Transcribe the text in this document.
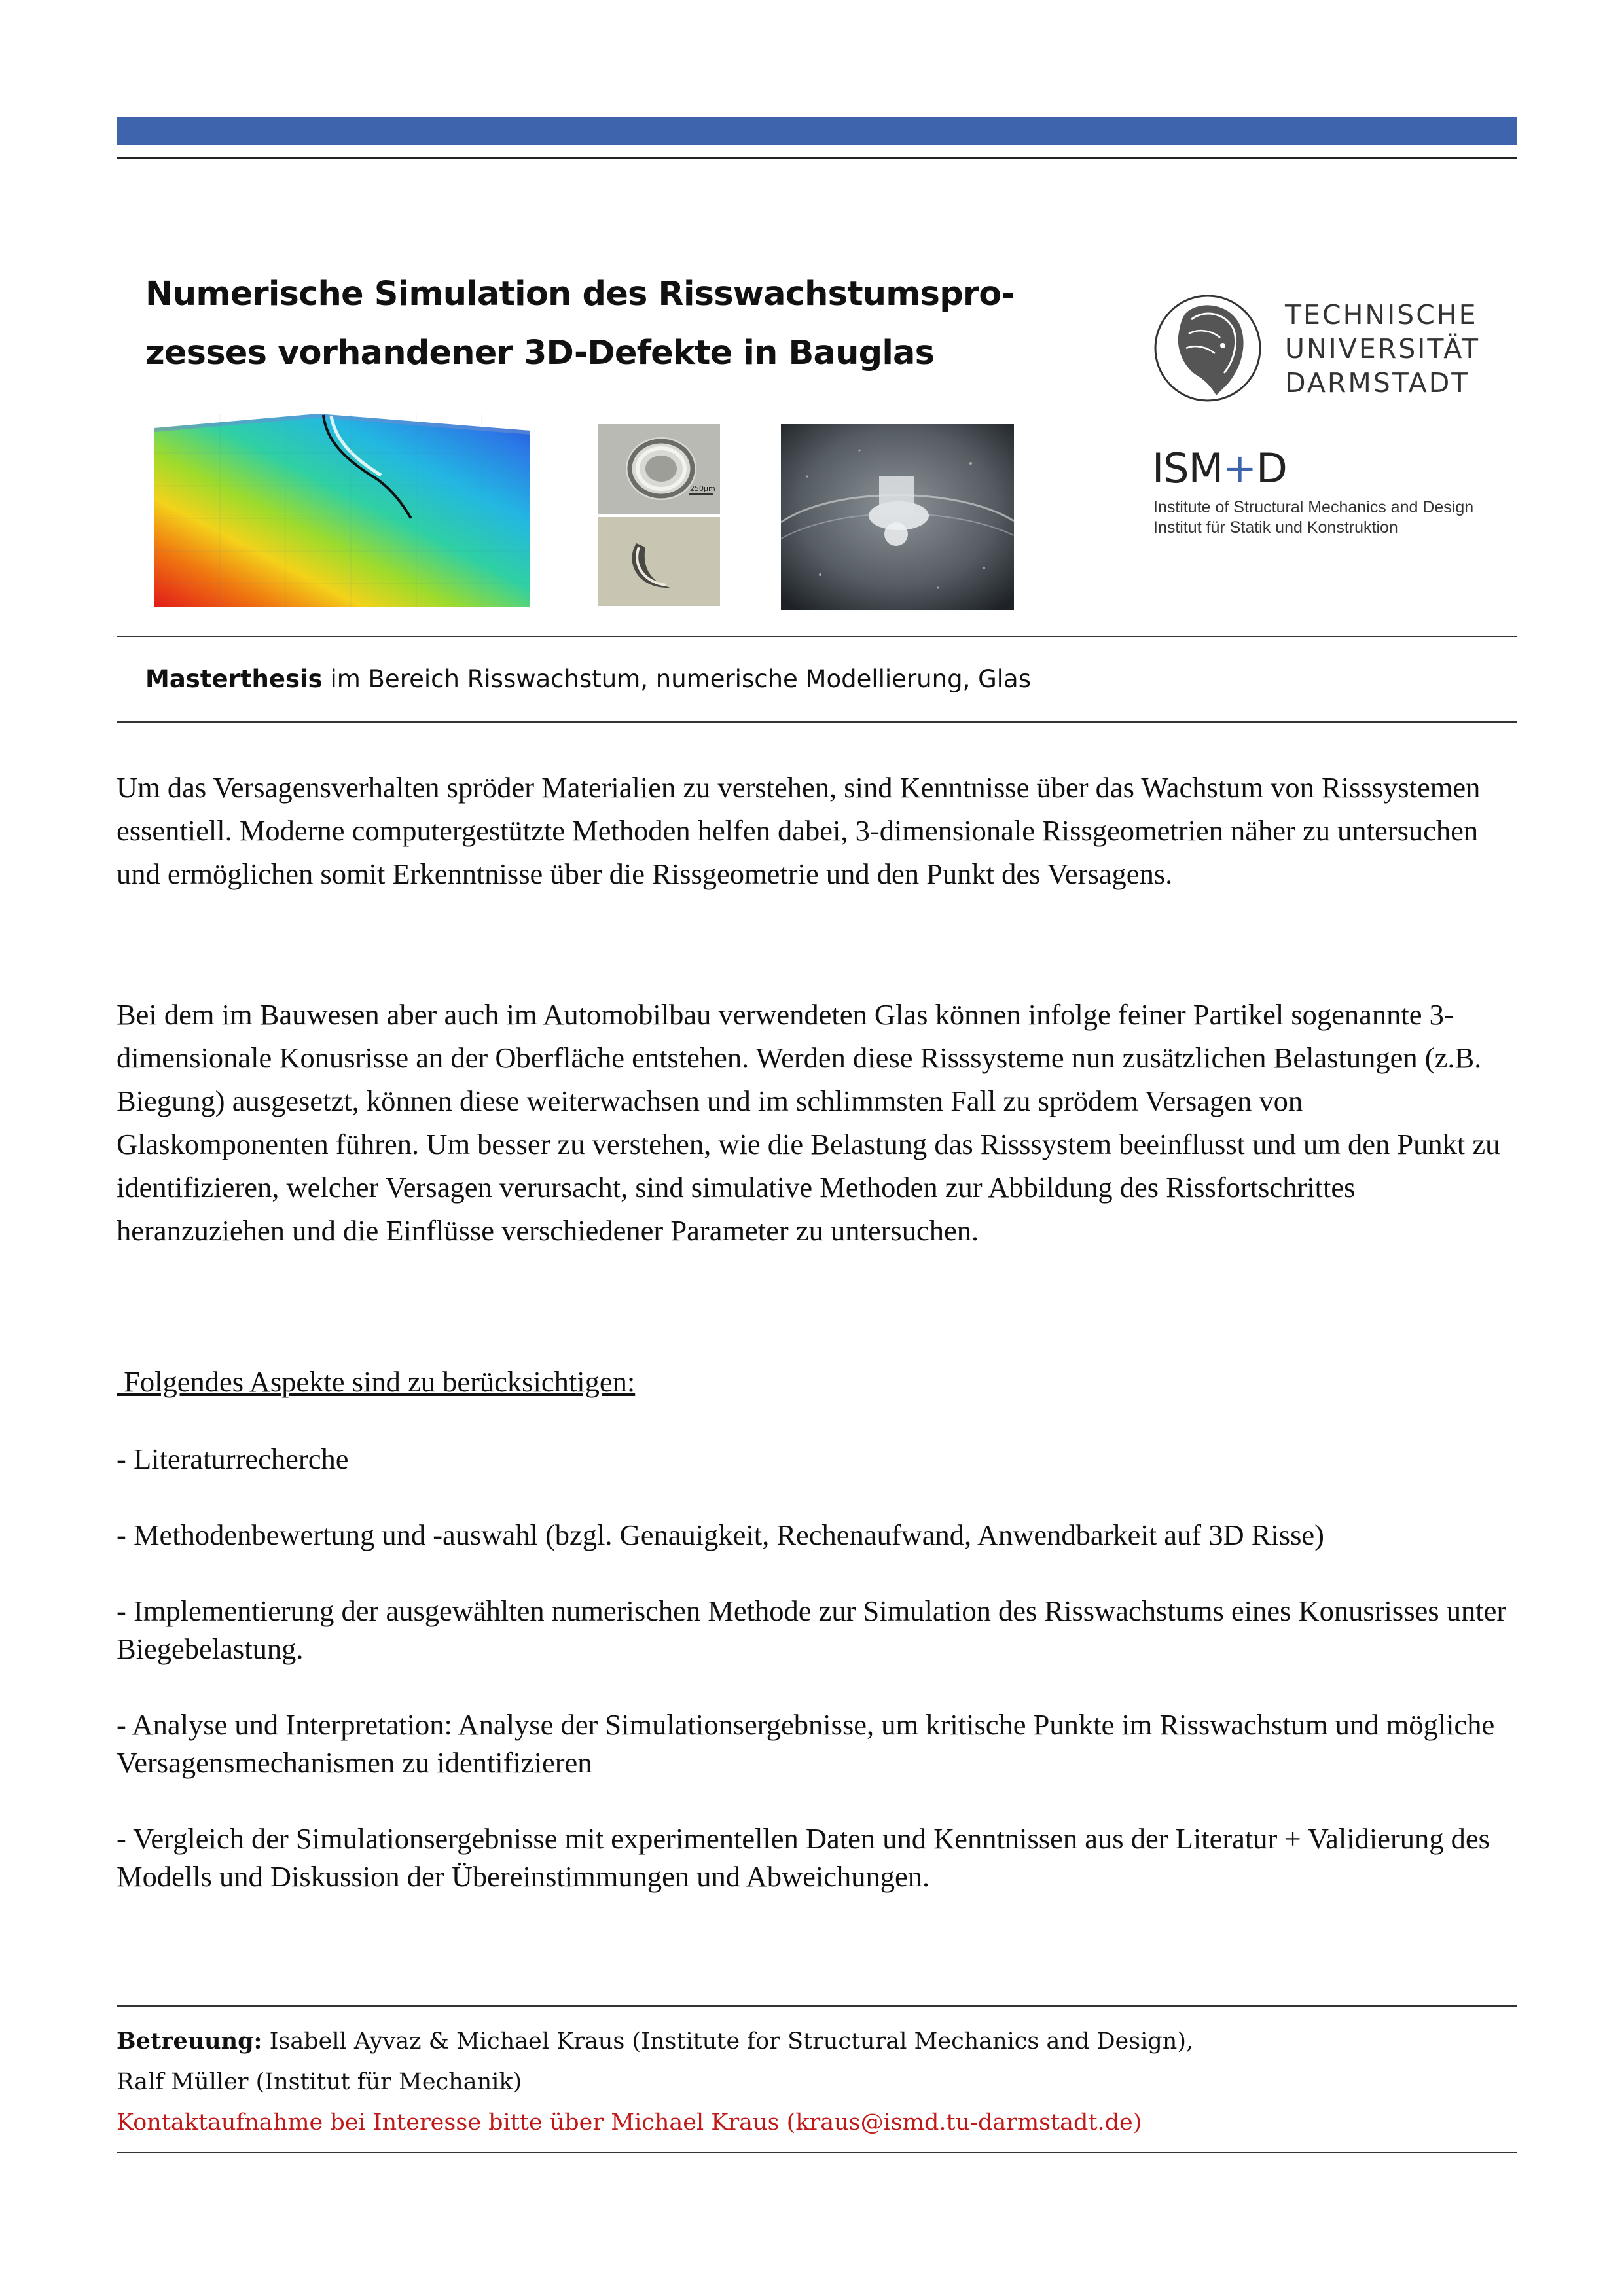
Numerische Simulation des Risswachstumspro-
zesses vorhandener 3D-Defekte in Bauglas
250µm
TECHNISCHE
UNIVERSITÄT
DARMSTADT
ISM+D
Institute of Structural Mechanics and Design
Institut für Statik und Konstruktion
Masterthesis im Bereich Risswachstum, numerische Modellierung, Glas

Um das Versagensverhalten spröder Materialien zu verstehen, sind Kenntnisse über das Wachstum von Risssystemen essentiell. Moderne computergestützte Methoden helfen dabei, 3-dimensionale Rissgeometrien näher zu untersuchen und ermöglichen somit Erkenntnisse über die Rissgeometrie und den Punkt des Versagens.

Bei dem im Bauwesen aber auch im Automobilbau verwendeten Glas können infolge feiner Partikel sogenannte 3-dimensionale Konusrisse an der Oberfläche entstehen. Werden diese Risssysteme nun zusätzlichen Belastungen (z.B. Biegung) ausgesetzt, können diese weiterwachsen und im schlimmsten Fall zu sprödem Versagen von Glaskomponenten führen. Um besser zu verstehen, wie die Belastung das Risssystem beeinflusst und um den Punkt zu identifizieren, welcher Versagen verursacht, sind simulative Methoden zur Abbildung des Rissfortschrittes heranzuziehen und die Einflüsse verschiedener Parameter zu untersuchen.

Folgendes Aspekte sind zu berücksichtigen:
- Literaturrecherche
- Methodenbewertung und -auswahl (bzgl. Genauigkeit, Rechenaufwand, Anwendbarkeit auf 3D Risse)
- Implementierung der ausgewählten numerischen Methode zur Simulation des Risswachstums eines Konusrisses unter Biegebelastung.
- Analyse und Interpretation: Analyse der Simulationsergebnisse, um kritische Punkte im Risswachstum und mögliche Versagensmechanismen zu identifizieren
- Vergleich der Simulationsergebnisse mit experimentellen Daten und Kenntnissen aus der Literatur + Validierung des Modells und Diskussion der Übereinstimmungen und Abweichungen.
Betreuung: Isabell Ayvaz & Michael Kraus (Institute for Structural Mechanics and Design),
Ralf Müller (Institut für Mechanik)
Kontaktaufnahme bei Interesse bitte über Michael Kraus (kraus@ismd.tu-darmstadt.de)
